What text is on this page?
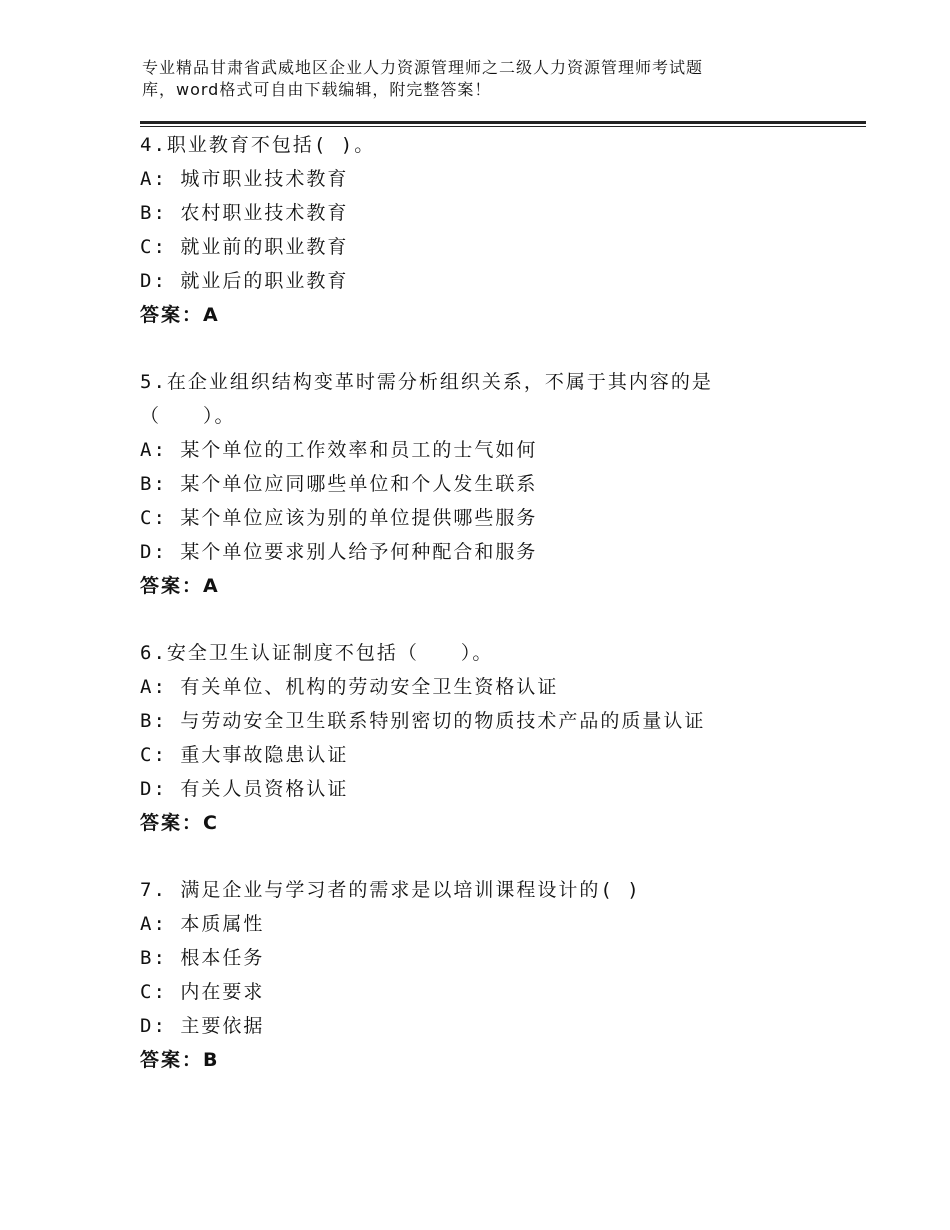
专业精品甘肃省武威地区企业人力资源管理师之二级人力资源管理师考试题
库，word格式可自由下载编辑，附完整答案！
4.职业教育不包括( )。
A: 城市职业技术教育
B: 农村职业技术教育
C: 就业前的职业教育
D: 就业后的职业教育
答案：A
5.在企业组织结构变革时需分析组织关系，不属于其内容的是
（　　）。
A: 某个单位的工作效率和员工的士气如何
B: 某个单位应同哪些单位和个人发生联系
C: 某个单位应该为别的单位提供哪些服务
D: 某个单位要求别人给予何种配合和服务
答案：A
6.安全卫生认证制度不包括（　　）。
A: 有关单位、机构的劳动安全卫生资格认证
B: 与劳动安全卫生联系特别密切的物质技术产品的质量认证
C: 重大事故隐患认证
D: 有关人员资格认证
答案：C
7. 满足企业与学习者的需求是以培训课程设计的( )
A: 本质属性
B: 根本任务
C: 内在要求
D: 主要依据
答案：B
